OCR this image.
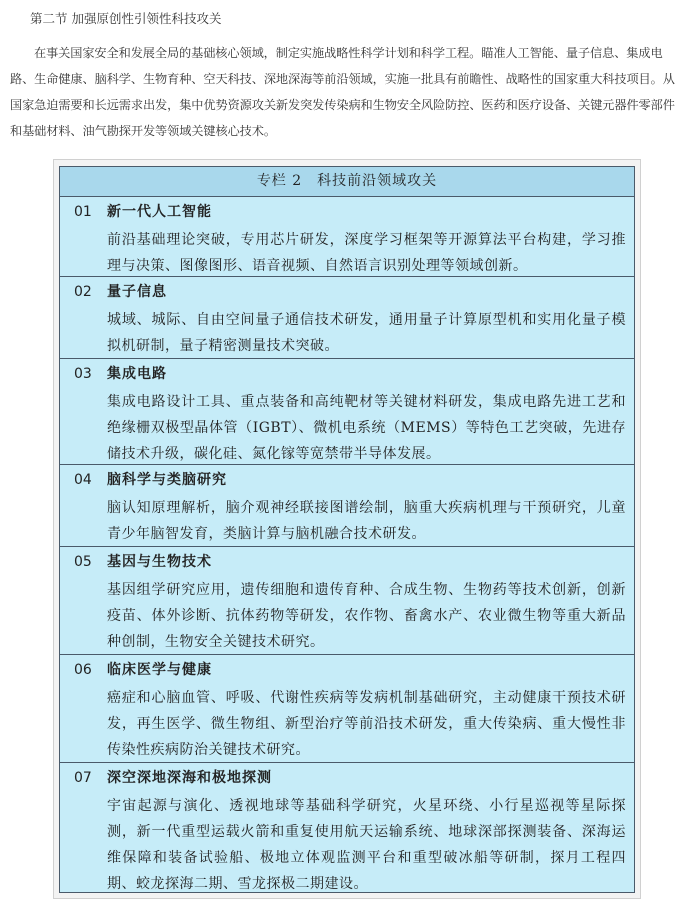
第二节 加强原创性引领性科技攻关
在事关国家安全和发展全局的基础核心领域，制定实施战略性科学计划和科学工程。瞄准人工智能、量子信息、集成电路、生命健康、脑科学、生物育种、空天科技、深地深海等前沿领域，实施一批具有前瞻性、战略性的国家重大科技项目。从国家急迫需要和长远需求出发，集中优势资源攻关新发突发传染病和生物安全风险防控、医药和医疗设备、关键元器件零部件和基础材料、油气勘探开发等领域关键核心技术。
专栏 2　科技前沿领域攻关
01 新一代人工智能
前沿基础理论突破，专用芯片研发，深度学习框架等开源算法平台构建，学习推理与决策、图像图形、语音视频、自然语言识别处理等领域创新。
02 量子信息
城域、城际、自由空间量子通信技术研发，通用量子计算原型机和实用化量子模拟机研制，量子精密测量技术突破。
03 集成电路
集成电路设计工具、重点装备和高纯靶材等关键材料研发，集成电路先进工艺和绝缘栅双极型晶体管（IGBT）、微机电系统（MEMS）等特色工艺突破，先进存储技术升级，碳化硅、氮化镓等宽禁带半导体发展。
04 脑科学与类脑研究
脑认知原理解析，脑介观神经联接图谱绘制，脑重大疾病机理与干预研究，儿童青少年脑智发育，类脑计算与脑机融合技术研发。
05 基因与生物技术
基因组学研究应用，遗传细胞和遗传育种、合成生物、生物药等技术创新，创新疫苗、体外诊断、抗体药物等研发，农作物、畜禽水产、农业微生物等重大新品种创制，生物安全关键技术研究。
06 临床医学与健康
癌症和心脑血管、呼吸、代谢性疾病等发病机制基础研究，主动健康干预技术研发，再生医学、微生物组、新型治疗等前沿技术研发，重大传染病、重大慢性非传染性疾病防治关键技术研究。
07 深空深地深海和极地探测
宇宙起源与演化、透视地球等基础科学研究，火星环绕、小行星巡视等星际探测，新一代重型运载火箭和重复使用航天运输系统、地球深部探测装备、深海运维保障和装备试验船、极地立体观监测平台和重型破冰船等研制，探月工程四期、蛟龙探海二期、雪龙探极二期建设。
